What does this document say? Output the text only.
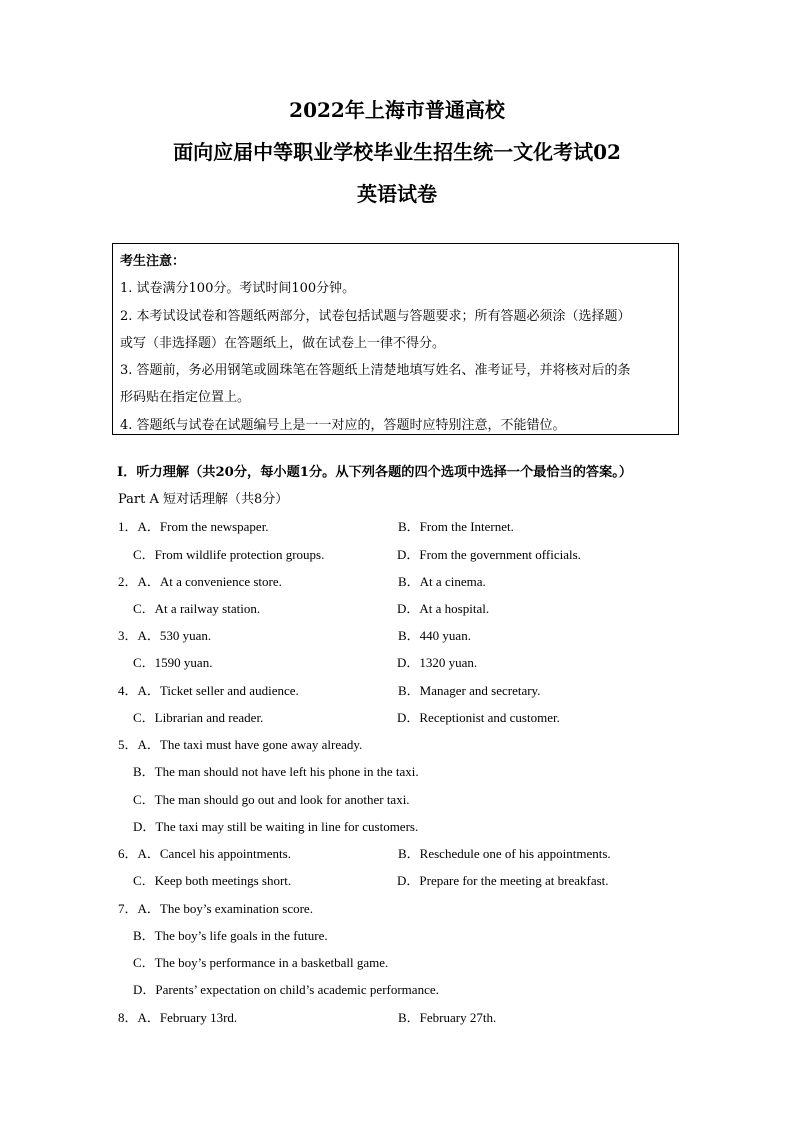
2022年上海市普通高校
面向应届中等职业学校毕业生招生统一文化考试02
英语试卷

考生注意：

1. 试卷满分100分。考试时间100分钟。

2. 本考试设试卷和答题纸两部分，试卷包括试题与答题要求；所有答题必须涂（选择题）

或写（非选择题）在答题纸上，做在试卷上一律不得分。

3. 答题前，务必用钢笔或圆珠笔在答题纸上清楚地填写姓名、准考证号，并将核对后的条

形码贴在指定位置上。

4. 答题纸与试卷在试题编号上是一一对应的，答题时应特别注意，不能错位。

Ⅰ．听力理解（共20分，每小题1分。从下列各题的四个选项中选择一个最恰当的答案。）
Part A 短对话理解（共8分）
1．A．From the newspaper.	B．From the Internet.
C．From wildlife protection groups.	D．From the government officials.
2．A．At a convenience store.	B．At a cinema.
C．At a railway station.	D．At a hospital.
3．A．530 yuan.	B．440 yuan.
C．1590 yuan.	D．1320 yuan.
4．A．Ticket seller and audience.	B．Manager and secretary.
C．Librarian and reader.	D．Receptionist and customer.
5．A．The taxi must have gone away already.
B．The man should not have left his phone in the taxi.
C．The man should go out and look for another taxi.
D．The taxi may still be waiting in line for customers.
6．A．Cancel his appointments.	B．Reschedule one of his appointments.
C．Keep both meetings short.	D．Prepare for the meeting at breakfast.
7．A．The boy’s examination score.
B．The boy’s life goals in the future.
C．The boy’s performance in a basketball game.
D．Parents’ expectation on child’s academic performance.
8．A．February 13rd.	B．February 27th.
